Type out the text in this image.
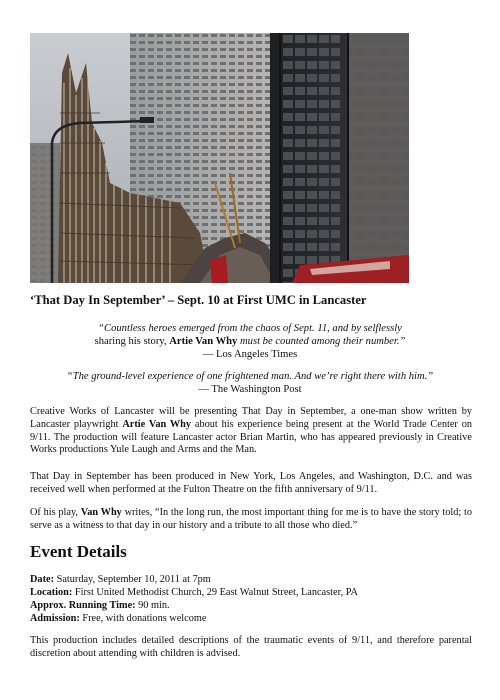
‘That Day In September’ – Sept. 10 at First UMC in Lancaster
“Countless heroes emerged from the chaos of Sept. 11, and by selflessly
sharing his story, Artie Van Why must be counted among their number.”
— Los Angeles Times
“The ground-level experience of one frightened man. And we’re right there with him.”
— The Washington Post

Creative Works of Lancaster will be presenting That Day in September, a one-man show written by Lancaster playwright Artie Van Why about his experience being present at the World Trade Center on 9/11. The production will feature Lancaster actor Brian Martin, who has appeared previously in Creative Works productions Yule Laugh and Arms and the Man.

That Day in September has been produced in New York, Los Angeles, and Washington, D.C. and was received well when performed at the Fulton Theatre on the fifth anniversary of 9/11.

Of his play, Van Why writes, “In the long run, the most important thing for me is to have the story told; to serve as a witness to that day in our history and a tribute to all those who died.”

Event Details
Date: Saturday, September 10, 2011 at 7pm
Location: First United Methodist Church, 29 East Walnut Street, Lancaster, PA
Approx. Running Time: 90 min.
Admission: Free, with donations welcome

This production includes detailed descriptions of the traumatic events of 9/11, and therefore parental discretion about attending with children is advised.
